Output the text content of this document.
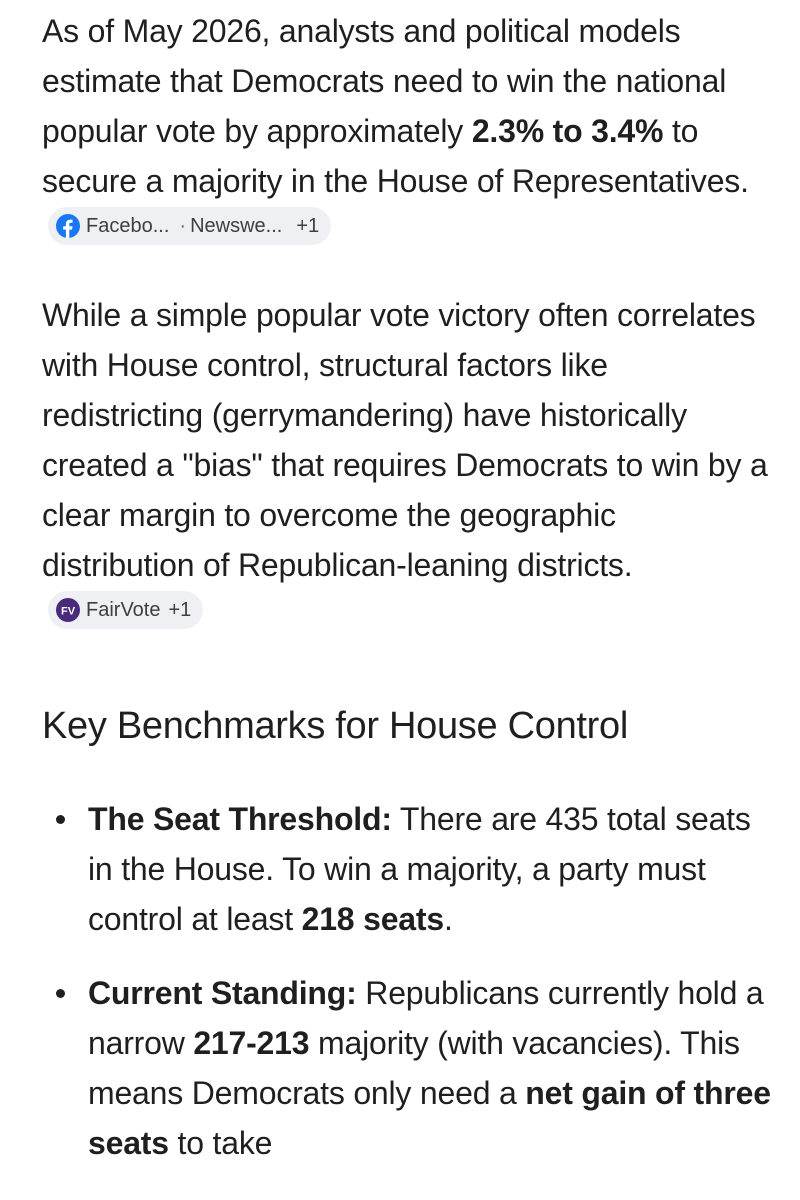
As of May 2026, analysts and political models estimate that Democrats need to win the national popular vote by approximately 2.3% to 3.4% to secure a majority in the House of Representatives.
Facebo... · Newswe... +1

While a simple popular vote victory often correlates with House control, structural factors like redistricting (gerrymandering) have historically created a "bias" that requires Democrats to win by a clear margin to overcome the geographic distribution of Republican-leaning districts.
FV FairVote +1

Key Benchmarks for House Control
The Seat Threshold: There are 435 total seats in the House. To win a majority, a party must control at least 218 seats.
Current Standing: Republicans currently hold a narrow 217-213 majority (with vacancies). This means Democrats only need a net gain of three seats to take
